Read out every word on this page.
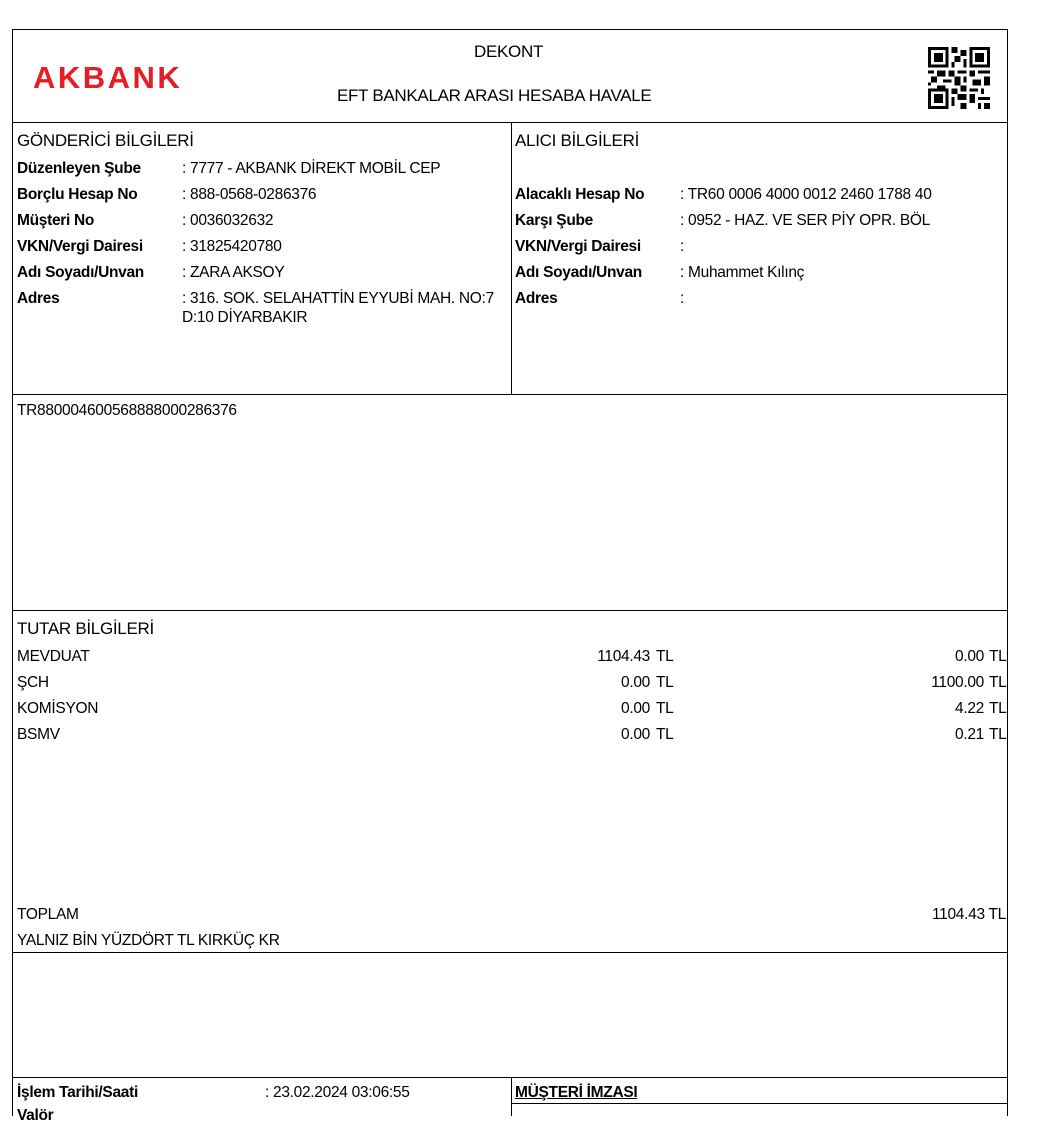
AKBANK
DEKONT
EFT BANKALAR ARASI HESABA HAVALE
GÖNDERİCİ BİLGİLERİ
Düzenleyen Şube	: 7777 - AKBANK DİREKT MOBİL CEP
Borçlu Hesap No	: 888-0568-0286376
Müşteri No	: 0036032632
VKN/Vergi Dairesi	: 31825420780
Adı Soyadı/Unvan : ZARA AKSOY
Adres	: 316. SOK. SELAHATTİN EYYUBİ MAH. NO:7
D:10 DİYARBAKIR
ALICI BİLGİLERİ
Alacaklı Hesap No : TR60 0006 4000 0012 2460 1788 40
Karşı Şube	: 0952 - HAZ. VE SER PİY OPR. BÖL
VKN/Vergi Dairesi	:
Adı Soyadı/Unvan : Muhammet Kılınç
Adres	:
TR880004600568888000286376
TUTAR BİLGİLERİ
MEVDUAT	1104.43 TL	0.00 TL
ŞCH	0.00 TL	1100.00 TL
KOMİSYON	0.00 TL	4.22 TL
BSMV	0.00 TL	0.21 TL
TOPLAM	1104.43 TL
YALNIZ BİN YÜZDÖRT TL KIRKÜÇ KR
İşlem Tarihi/Saati	: 23.02.2024 03:06:55	MÜŞTERİ İMZASI
Valör
